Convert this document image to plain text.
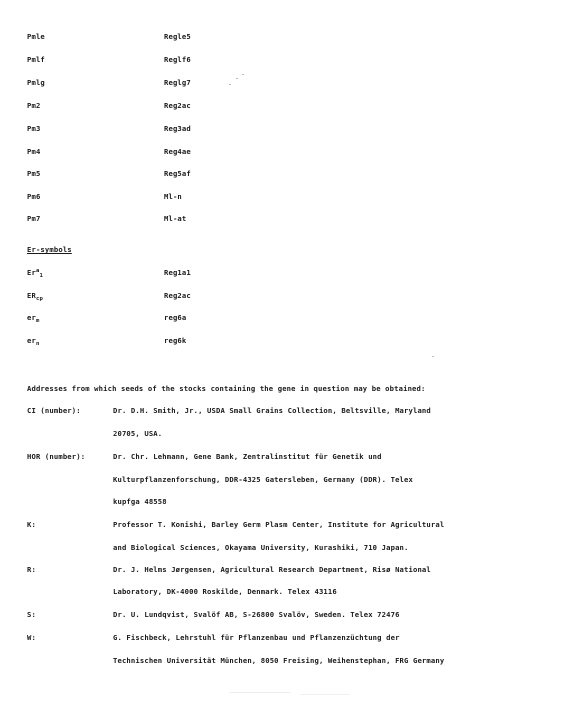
Pmle	Reglе5
Pmlf	Reglf6
Pmlg	Reglg7
Pm2	Reg2ac
Pm3	Reg3ad
Pm4	Reg4ae
Pm5	Reg5af
Pm6	Ml-n
Pm7	Ml-at
Er-symbols
$Er^a_1$	Reg1a1
$ER_{cp}$	Reg2ac
$er_m$	reg6a
$er_n$	reg6k
Addresses from which seeds of the stocks containing the gene in question may be obtained:
CI (number):	Dr. D.H. Smith, Jr., USDA Small Grains Collection, Beltsville, Maryland
20705, USA.
HOR (number):	Dr. Chr. Lehmann, Gene Bank, Zentralinstitut für Genetik und
Kulturpflanzenforschung, DDR-4325 Gatersleben, Germany (DDR). Telex
kupfga 48558
K:	Professor T. Konishi, Barley Germ Plasm Center, Institute for Agricultural
and Biological Sciences, Okayama University, Kurashiki, 710 Japan.
R:	Dr. J. Helms Jørgensen, Agricultural Research Department, Risø National
Laboratory, DK-4000 Roskilde, Denmark. Telex 43116
S:	Dr. U. Lundqvist, Svalöf AB, S-26800 Svalöv, Sweden. Telex 72476
W:	G. Fischbeck, Lehrstuhl für Pflanzenbau und Pflanzenzüchtung der
Technischen Universität München, 8050 Freising, Weihenstephan, FRG Germany
